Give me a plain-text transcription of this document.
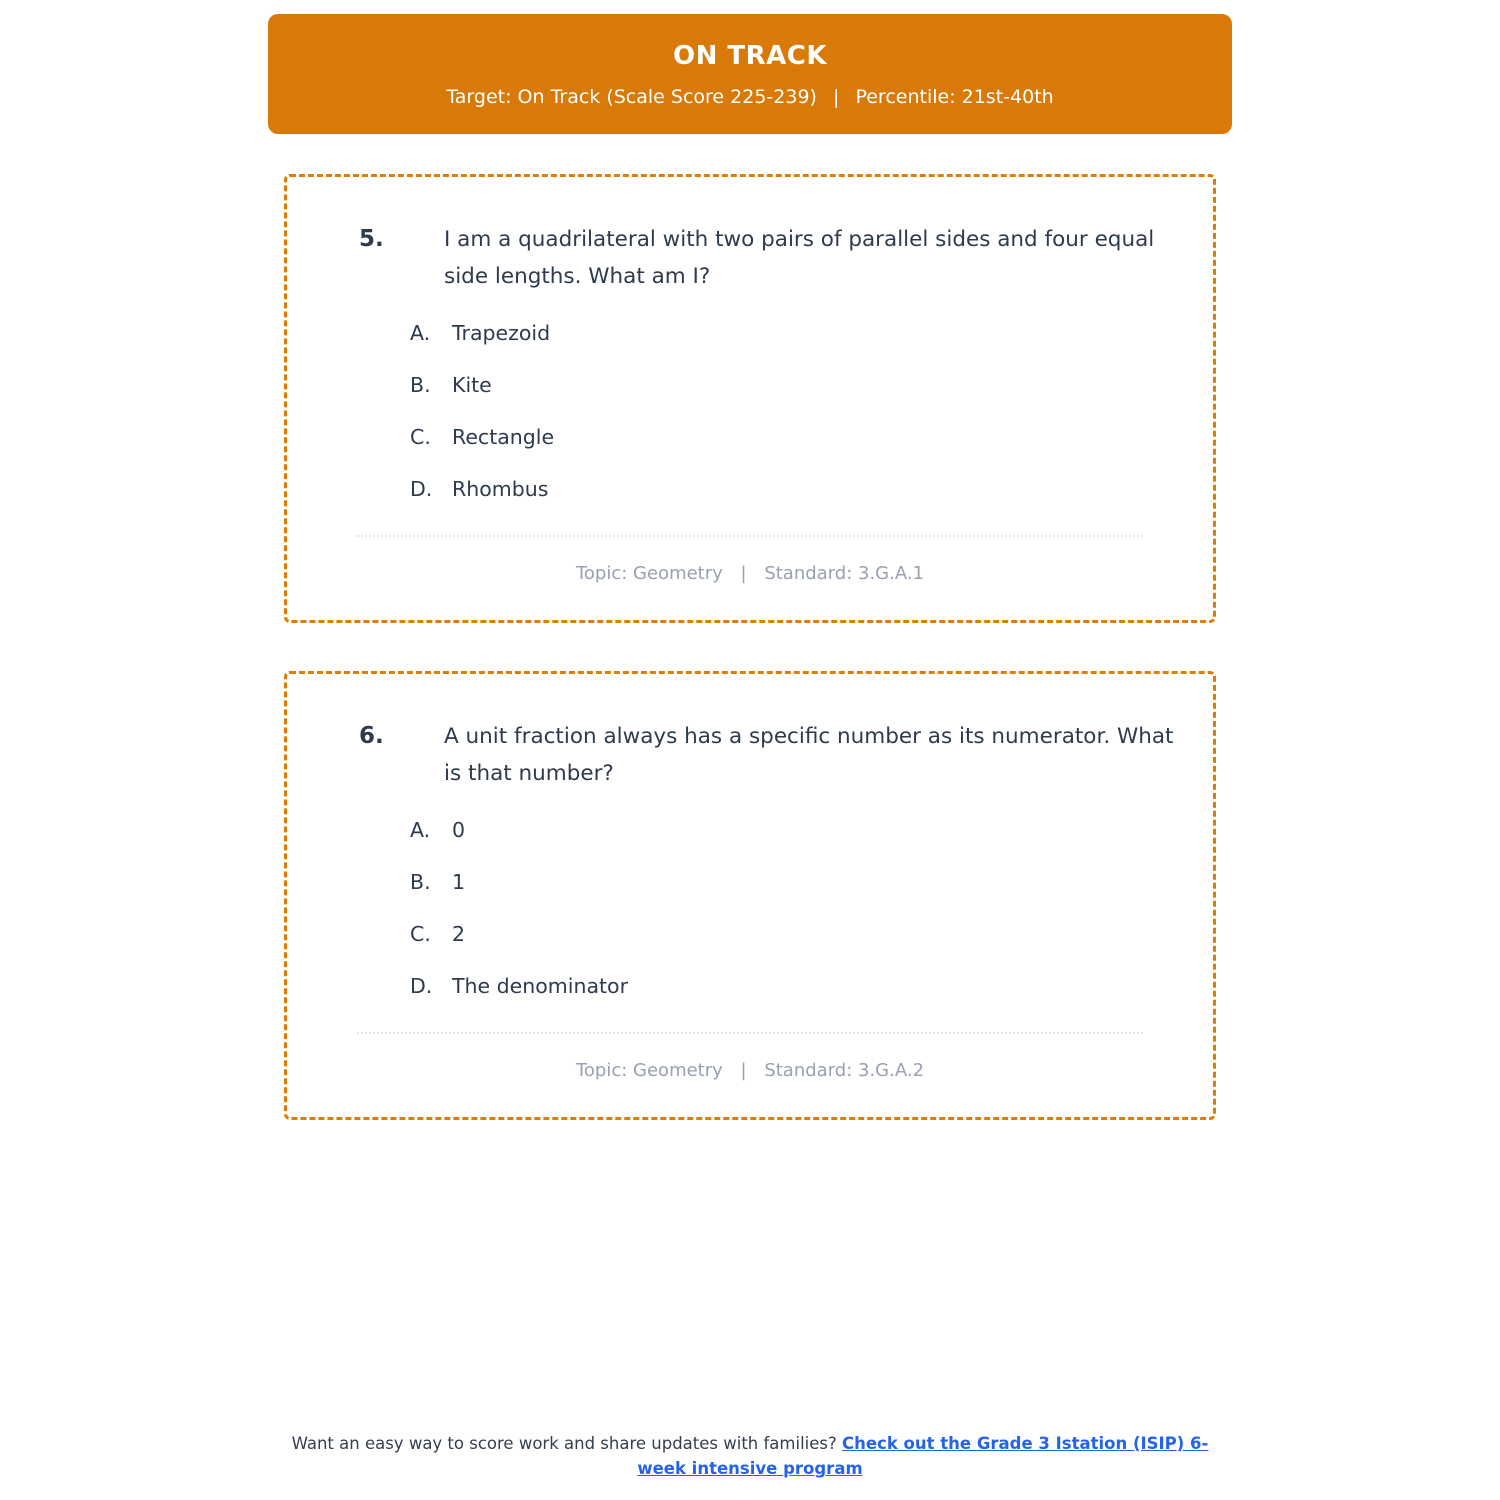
ON TRACK
Target: On Track (Scale Score 225-239) | Percentile: 21st-40th
5.	I am a quadrilateral with two pairs of parallel sides and four equal side lengths. What am I?

A.	Trapezoid
B.	Kite
C.	Rectangle
D. Rhombus
Topic: Geometry | Standard: 3.G.A.1
6.	A unit fraction always has a specific number as its numerator. What is that number?

A.	0
B.	1
C.	2
D. The denominator
Topic: Geometry | Standard: 3.G.A.2
Want an easy way to score work and share updates with families? Check out the Grade 3 Istation (ISIP) 6-week intensive program
